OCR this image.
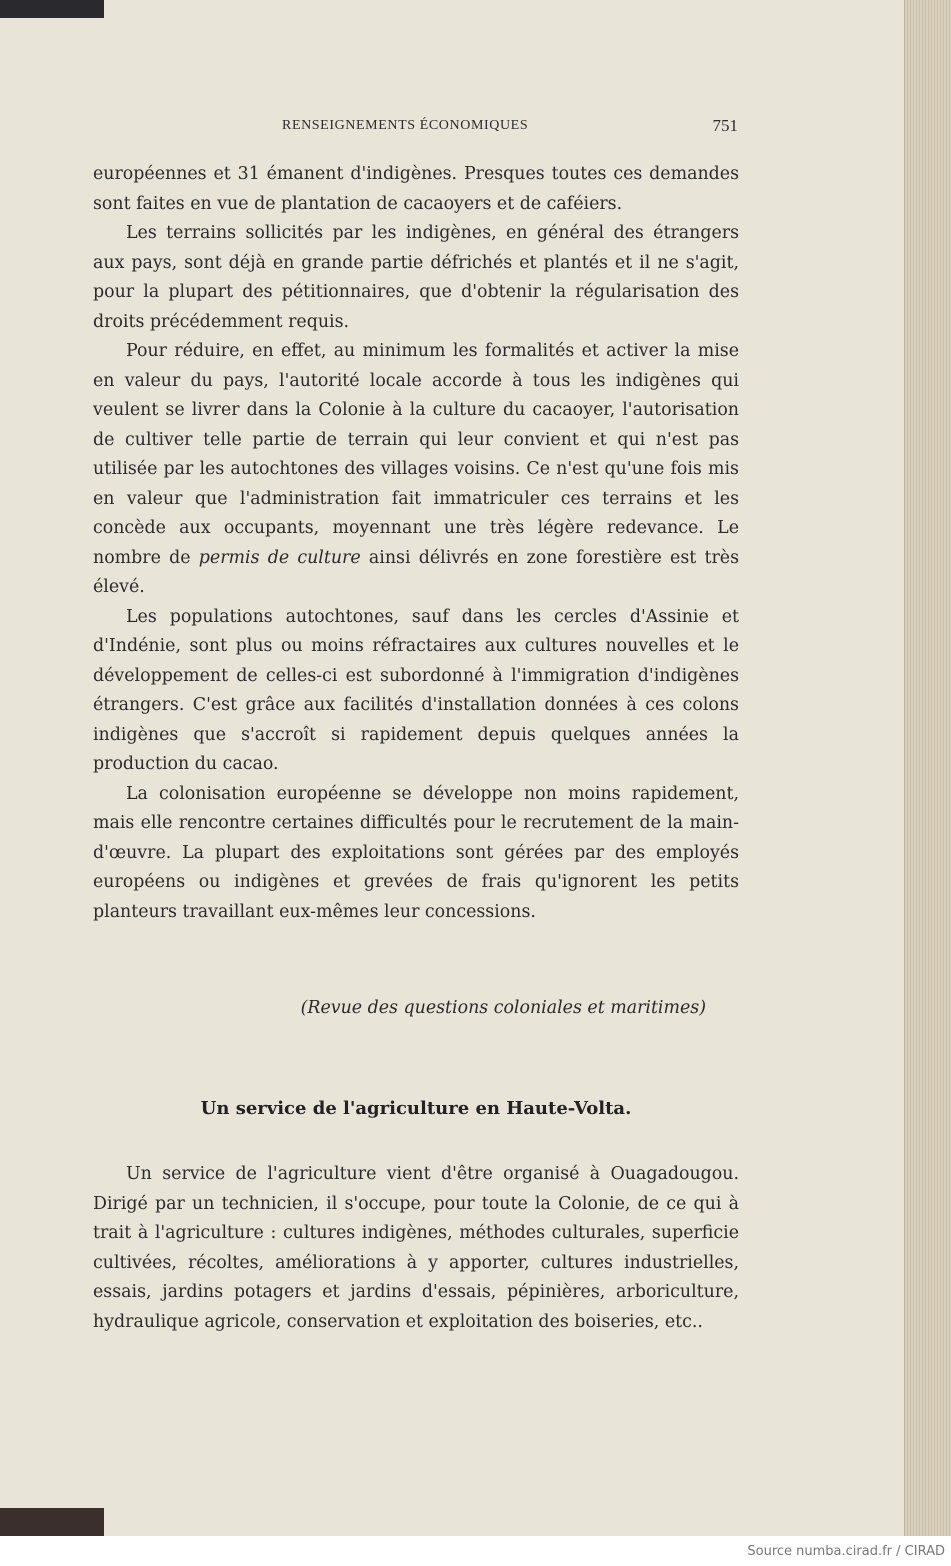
RENSEIGNEMENTS ÉCONOMIQUES	751

européennes et 31 émanent d'indigènes. Presques toutes ces demandes sont faites en vue de plantation de cacaoyers et de caféiers.

Les terrains sollicités par les indigènes, en général des étrangers aux pays, sont déjà en grande partie défrichés et plantés et il ne s'agit, pour la plupart des pétitionnaires, que d'obtenir la régularisation des droits précédemment requis.

Pour réduire, en effet, au minimum les formalités et activer la mise en valeur du pays, l'autorité locale accorde à tous les indigènes qui veulent se livrer dans la Colonie à la culture du cacaoyer, l'autorisation de cultiver telle partie de terrain qui leur convient et qui n'est pas utilisée par les autochtones des villages voisins. Ce n'est qu'une fois mis en valeur que l'administration fait immatriculer ces terrains et les concède aux occupants, moyennant une très légère redevance. Le nombre de permis de culture ainsi délivrés en zone forestière est très élevé.

Les populations autochtones, sauf dans les cercles d'Assinie et d'Indénie, sont plus ou moins réfractaires aux cultures nouvelles et le développement de celles-ci est subordonné à l'immigration d'indigènes étrangers. C'est grâce aux facilités d'installation données à ces colons indigènes que s'accroît si rapidement depuis quelques années la production du cacao.

La colonisation européenne se développe non moins rapidement, mais elle rencontre certaines difficultés pour le recrutement de la main-d'œuvre. La plupart des exploitations sont gérées par des employés européens ou indigènes et grevées de frais qu'ignorent les petits planteurs travaillant eux-mêmes leur concessions.

(Revue des questions coloniales et maritimes)
Un service de l'agriculture en Haute-Volta.

Un service de l'agriculture vient d'être organisé à Ouagadougou. Dirigé par un technicien, il s'occupe, pour toute la Colonie, de ce qui à trait à l'agriculture : cultures indigènes, méthodes culturales, superficie cultivées, récoltes, améliorations à y apporter, cultures industrielles, essais, jardins potagers et jardins d'essais, pépinières, arboriculture, hydraulique agricole, conservation et exploitation des boiseries, etc..

Source numba.cirad.fr / CIRAD
